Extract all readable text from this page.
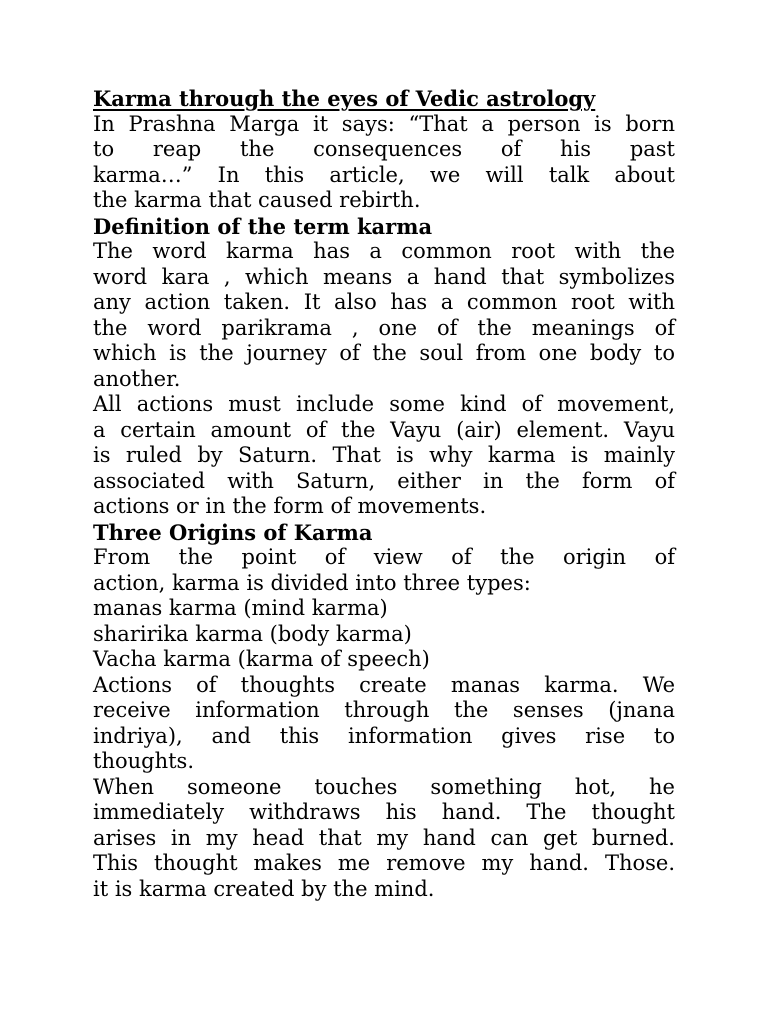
Karma through the eyes of Vedic astrology
In Prashna Marga it says: “That a person is born
to reap the consequences of his past
karma…” In this article, we will talk about
the karma that caused rebirth.
Definition of the term karma
The word karma has a common root with the
word kara , which means a hand that symbolizes
any action taken. It also has a common root with
the word parikrama , one of the meanings of
which is the journey of the soul from one body to
another.
All actions must include some kind of movement,
a certain amount of the Vayu (air) element. Vayu
is ruled by Saturn. That is why karma is mainly
associated with Saturn, either in the form of
actions or in the form of movements.
Three Origins of Karma
From the point of view of the origin of
action, karma is divided into three types:
manas karma (mind karma)
sharirika karma (body karma)
Vacha karma (karma of speech)
Actions of thoughts create manas karma. We
receive information through the senses (jnana
indriya), and this information gives rise to
thoughts.
When someone touches something hot, he
immediately withdraws his hand. The thought
arises in my head that my hand can get burned.
This thought makes me remove my hand. Those.
it is karma created by the mind.
